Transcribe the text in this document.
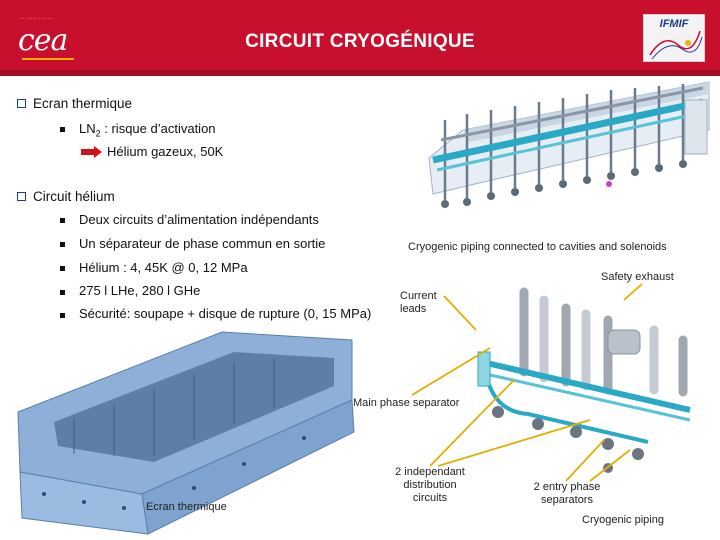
··· ······· ····· ···
cea	CIRCUIT CRYOGÉNIQUE
IFMIF
Ecran thermique
$LN_2$ : risque d’activation
Hélium gazeux, 50K
Circuit hélium
Deux circuits d’alimentation indépendants
Un séparateur de phase commun en sortie
Hélium : 4, 45K @ 0, 12 MPa
275 l LHe, 280 l GHe
Sécurité: soupape + disque de rupture (0, 15 MPa)
Cryogenic piping connected to cavities and solenoids
Safety exhaust
Current
leads
Main phase separator
2 independant distribution circuits
2 entry phase separators
Cryogenic piping
Ecran thermique
